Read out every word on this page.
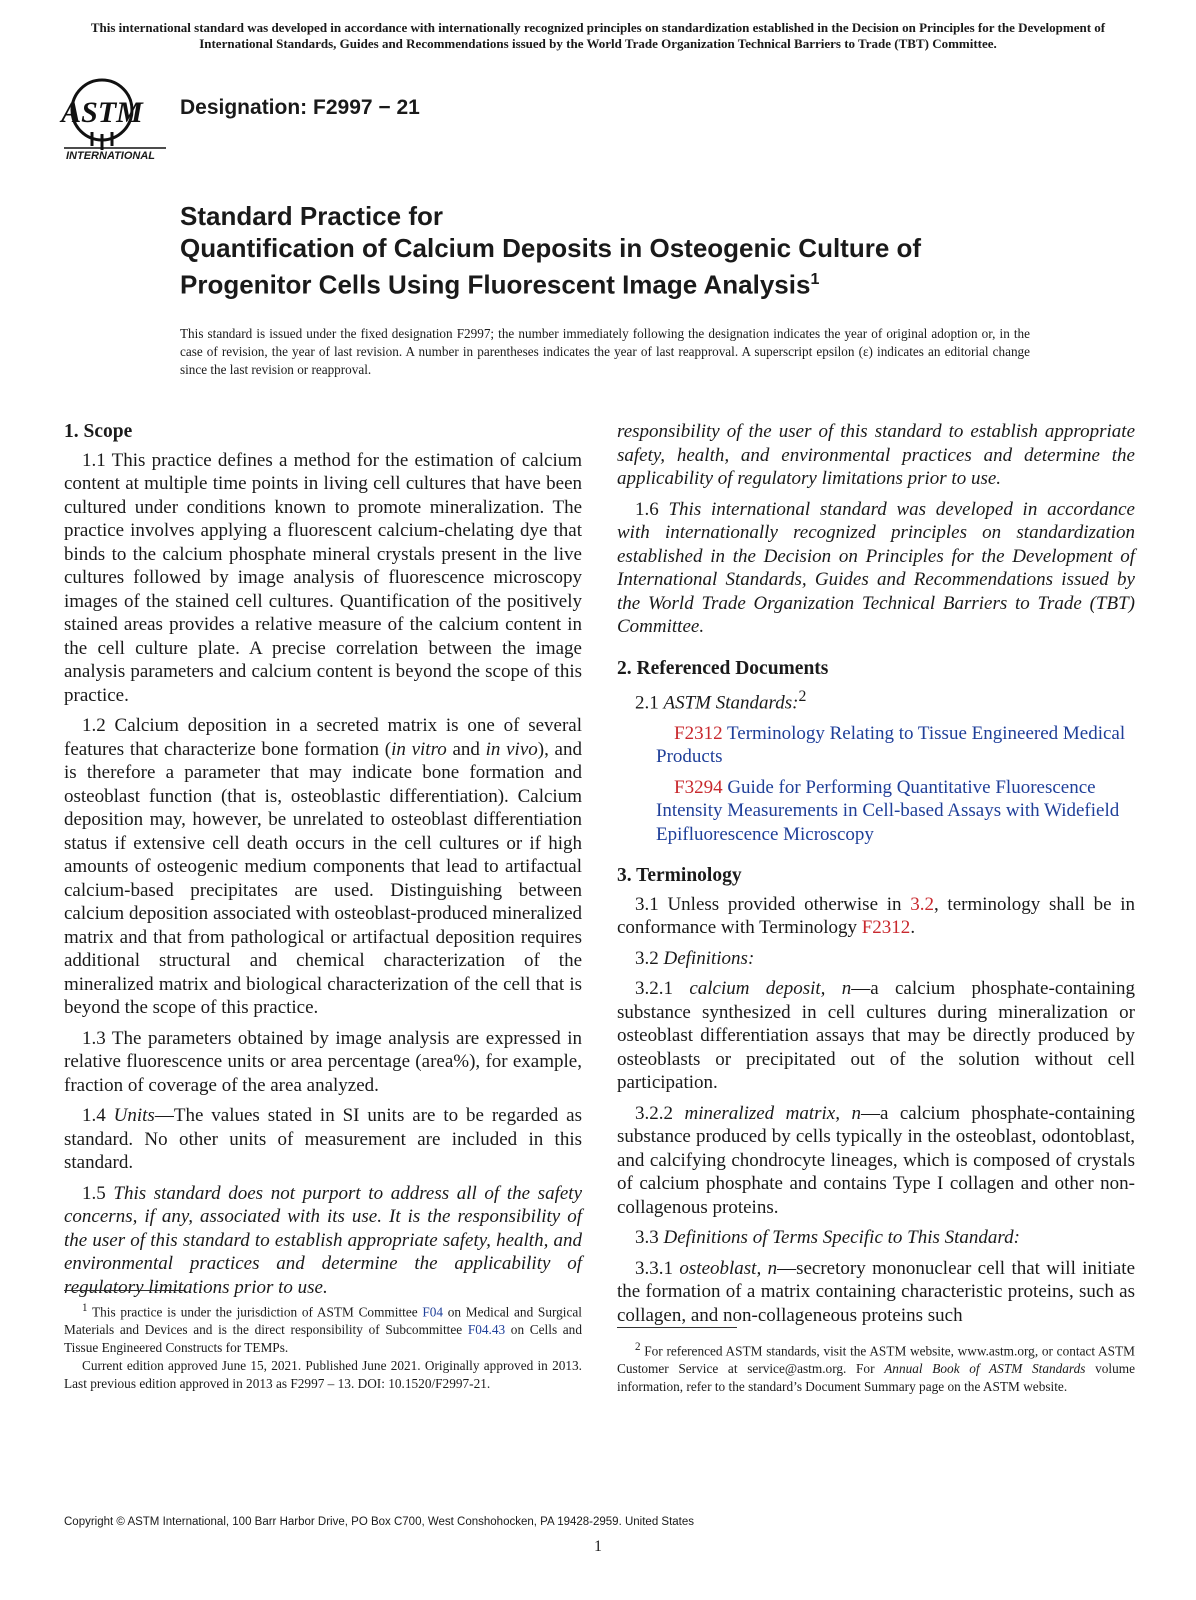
This international standard was developed in accordance with internationally recognized principles on standardization established in the Decision on Principles for the Development of International Standards, Guides and Recommendations issued by the World Trade Organization Technical Barriers to Trade (TBT) Committee.
ASTM
INTERNATIONAL
Designation: F2997 − 21
Standard Practice for
Quantification of Calcium Deposits in Osteogenic Culture of
Progenitor Cells Using Fluorescent Image Analysis$^1$
This standard is issued under the fixed designation F2997; the number immediately following the designation indicates the year of original adoption or, in the case of revision, the year of last revision. A number in parentheses indicates the year of last reapproval. A superscript epsilon (ε) indicates an editorial change since the last revision or reapproval.
1. Scope

1.1 This practice defines a method for the estimation of calcium content at multiple time points in living cell cultures that have been cultured under conditions known to promote mineralization. The practice involves applying a fluorescent calcium-chelating dye that binds to the calcium phosphate mineral crystals present in the live cultures followed by image analysis of fluorescence microscopy images of the stained cell cultures. Quantification of the positively stained areas provides a relative measure of the calcium content in the cell culture plate. A precise correlation between the image analysis parameters and calcium content is beyond the scope of this practice.

1.2 Calcium deposition in a secreted matrix is one of several features that characterize bone formation (in vitro and in vivo), and is therefore a parameter that may indicate bone formation and osteoblast function (that is, osteoblastic differentiation). Calcium deposition may, however, be unrelated to osteoblast differentiation status if extensive cell death occurs in the cell cultures or if high amounts of osteogenic medium components that lead to artifactual calcium-based precipitates are used. Distinguishing between calcium deposition associated with osteoblast-produced mineralized matrix and that from pathological or artifactual deposition requires additional structural and chemical characterization of the mineralized matrix and biological characterization of the cell that is beyond the scope of this practice.

1.3 The parameters obtained by image analysis are expressed in relative fluorescence units or area percentage (area%), for example, fraction of coverage of the area analyzed.

1.4 Units—The values stated in SI units are to be regarded as standard. No other units of measurement are included in this standard.

1.5 This standard does not purport to address all of the safety concerns, if any, associated with its use. It is the responsibility of the user of this standard to establish appropriate safety, health, and environmental practices and determine the applicability of regulatory limitations prior to use.

responsibility of the user of this standard to establish appropriate safety, health, and environmental practices and determine the applicability of regulatory limitations prior to use.

1.6 This international standard was developed in accordance with internationally recognized principles on standardization established in the Decision on Principles for the Development of International Standards, Guides and Recommendations issued by the World Trade Organization Technical Barriers to Trade (TBT) Committee.

2. Referenced Documents

2.1 ASTM Standards:$^2$

F2312 Terminology Relating to Tissue Engineered Medical Products

F3294 Guide for Performing Quantitative Fluorescence Intensity Measurements in Cell-based Assays with Widefield Epifluorescence Microscopy

3. Terminology

3.1 Unless provided otherwise in 3.2, terminology shall be in conformance with Terminology F2312.

3.2 Definitions:

3.2.1 calcium deposit, n—a calcium phosphate-containing substance synthesized in cell cultures during mineralization or osteoblast differentiation assays that may be directly produced by osteoblasts or precipitated out of the solution without cell participation.

3.2.2 mineralized matrix, n—a calcium phosphate-containing substance produced by cells typically in the osteoblast, odontoblast, and calcifying chondrocyte lineages, which is composed of crystals of calcium phosphate and contains Type I collagen and other non-collagenous proteins.

3.3 Definitions of Terms Specific to This Standard:

3.3.1 osteoblast, n—secretory mononuclear cell that will initiate the formation of a matrix containing characteristic proteins, such as collagen, and non-collageneous proteins such

$^1$ This practice is under the jurisdiction of ASTM Committee F04 on Medical and Surgical Materials and Devices and is the direct responsibility of Subcommittee F04.43 on Cells and Tissue Engineered Constructs for TEMPs.

Current edition approved June 15, 2021. Published June 2021. Originally approved in 2013. Last previous edition approved in 2013 as F2997 – 13. DOI: 10.1520/F2997-21.

$^2$ For referenced ASTM standards, visit the ASTM website, www.astm.org, or contact ASTM Customer Service at service@astm.org. For Annual Book of ASTM Standards volume information, refer to the standard’s Document Summary page on the ASTM website.

Copyright © ASTM International, 100 Barr Harbor Drive, PO Box C700, West Conshohocken, PA 19428-2959. United States
1
